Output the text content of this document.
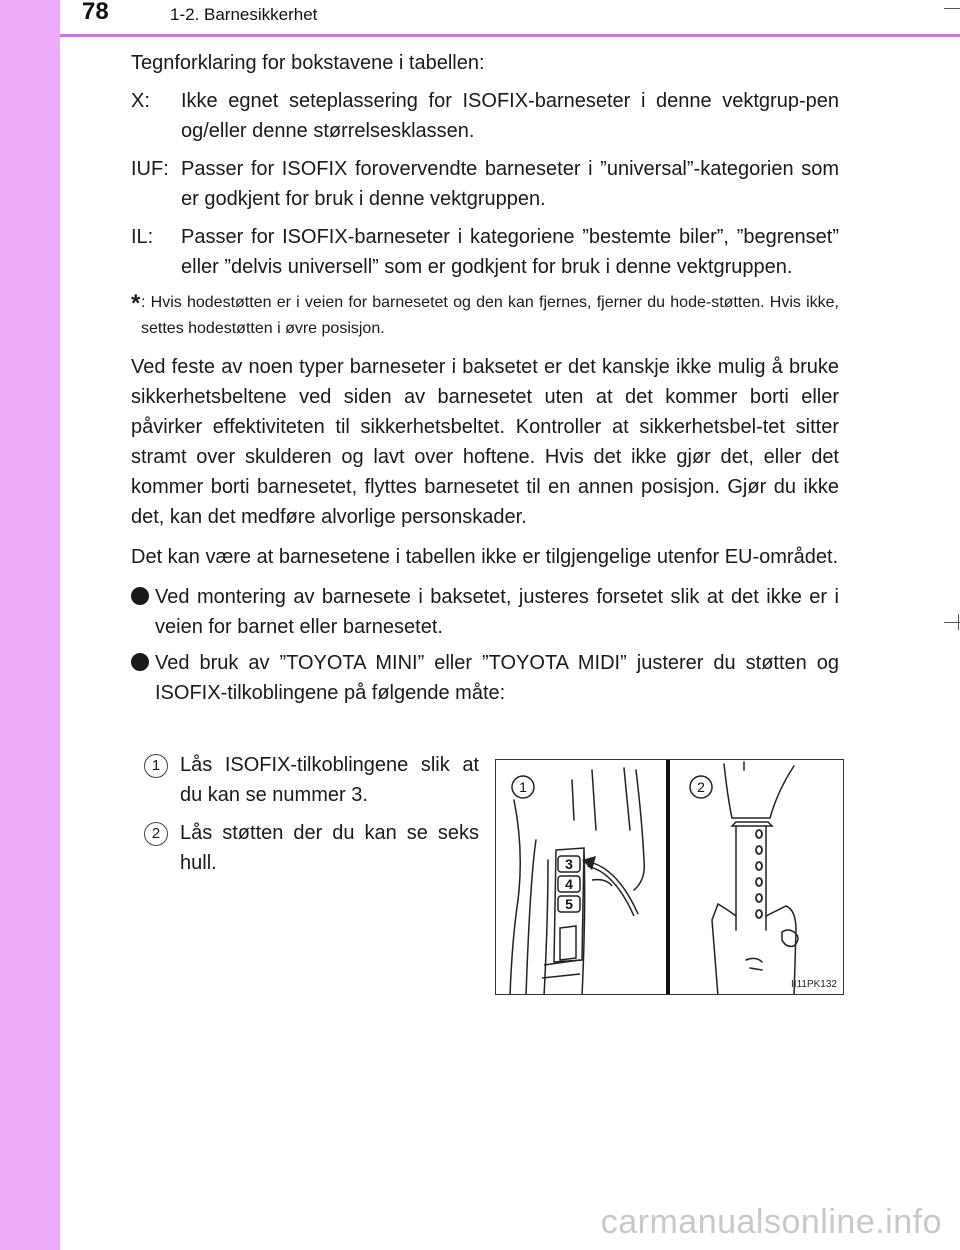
78	1-2. Barnesikkerhet

Tegnforklaring for bokstavene i tabellen:

X:	Ikke egnet seteplassering for ISOFIX-barneseter i denne vektgrup-pen og/eller denne størrelsesklassen.
IUF: Passer for ISOFIX forovervendte barneseter i ”universal”-kategorien som er godkjent for bruk i denne vektgruppen.
IL:	Passer for ISOFIX-barneseter i kategoriene ”bestemte biler”, ”begrenset” eller ”delvis universell” som er godkjent for bruk i denne vektgruppen.
* : Hvis hodestøtten er i veien for barnesetet og den kan fjernes, fjerner du hode-støtten. Hvis ikke, settes hodestøtten i øvre posisjon.

Ved feste av noen typer barneseter i baksetet er det kanskje ikke mulig å bruke sikkerhetsbeltene ved siden av barnesetet uten at det kommer borti eller påvirker effektiviteten til sikkerhetsbeltet. Kontroller at sikkerhetsbel-tet sitter stramt over skulderen og lavt over hoftene. Hvis det ikke gjør det, eller det kommer borti barnesetet, flyttes barnesetet til en annen posisjon. Gjør du ikke det, kan det medføre alvorlige personskader.

Det kan være at barnesetene i tabellen ikke er tilgjengelige utenfor EU-området.

Ved montering av barnesete i baksetet, justeres forsetet slik at det ikke er i veien for barnet eller barnesetet.
Ved bruk av ”TOYOTA MINI” eller ”TOYOTA MIDI” justerer du støtten og ISOFIX-tilkoblingene på følgende måte:
1 Lås ISOFIX-tilkoblingene slik at du kan se nummer 3.
2 Lås støtten der du kan se seks hull.	3
4
5
1	2
II11PK132
carmanualsonline.info
